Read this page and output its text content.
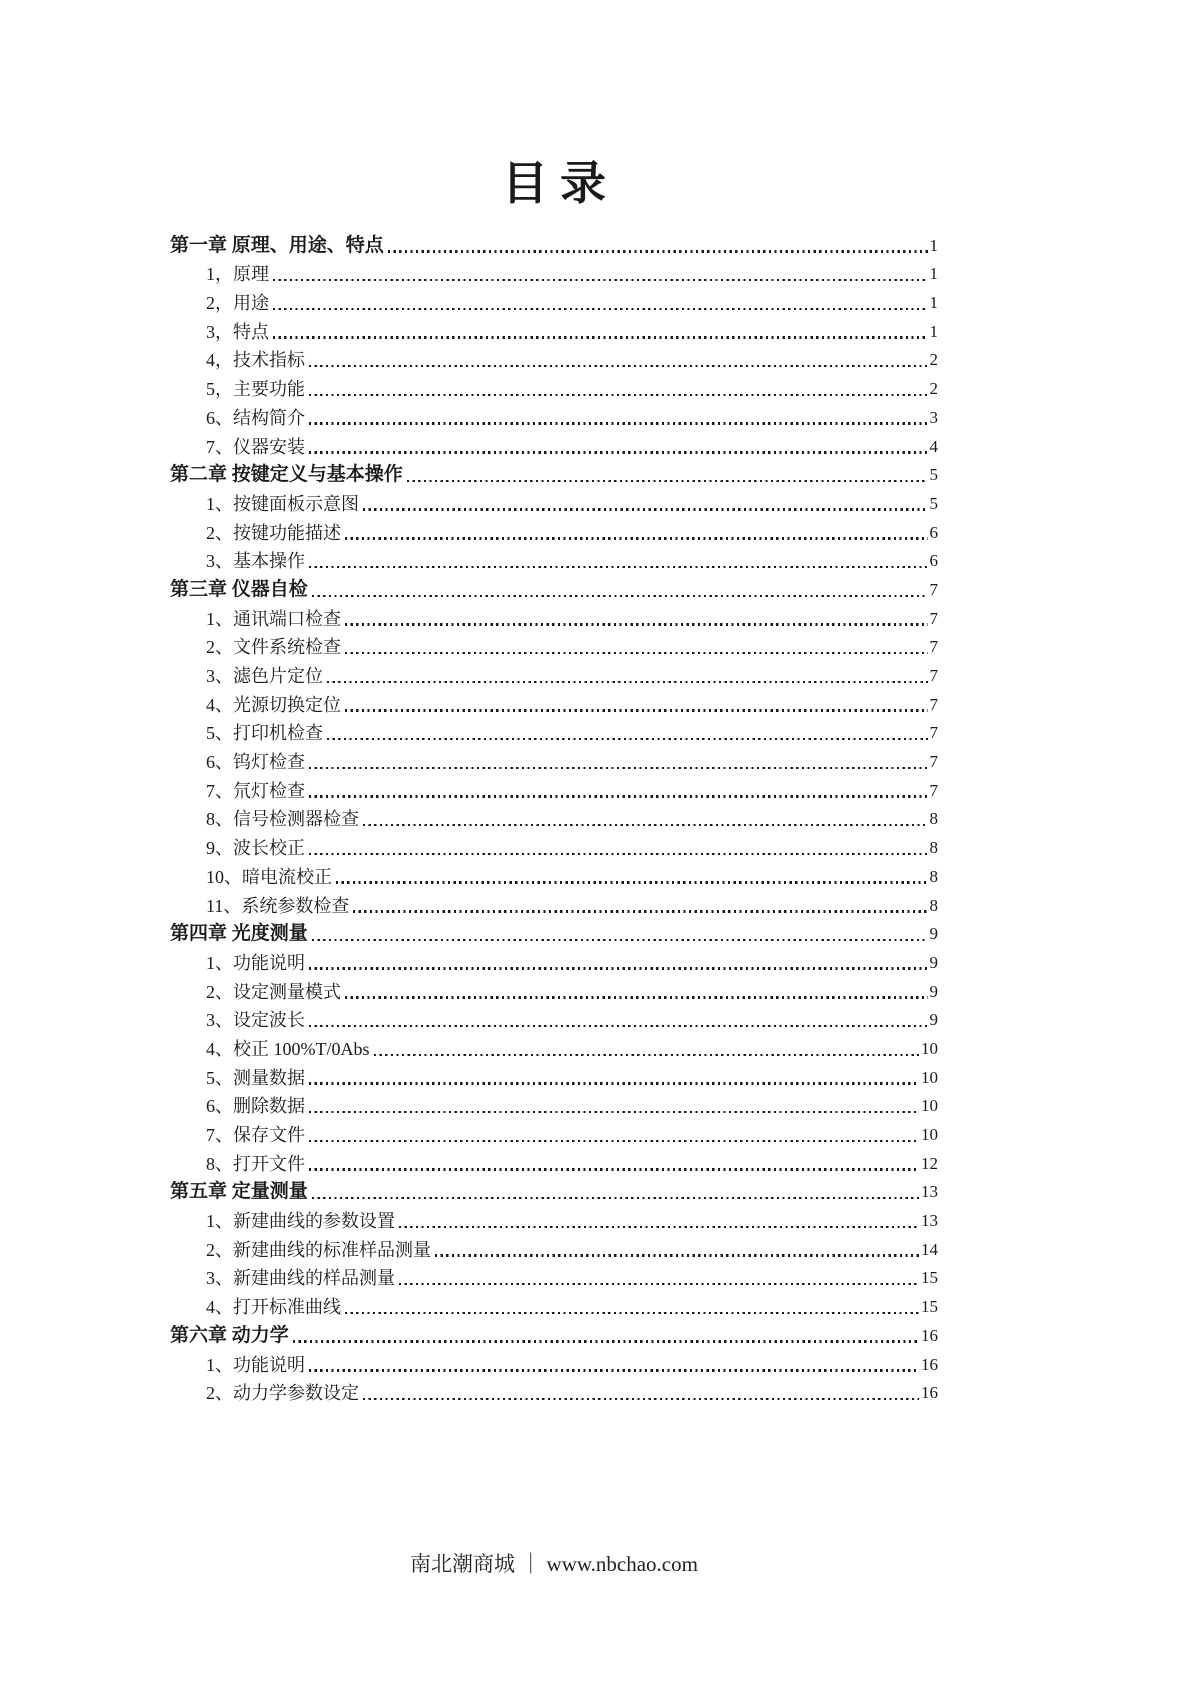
目录
第一章 原理、用途、特点	1
1，原理	1
2，用途	1
3，特点	1
4，技术指标	2
5，主要功能	2
6、结构简介	3
7、仪器安装	4
第二章 按键定义与基本操作	5
1、按键面板示意图	5
2、按键功能描述	6
3、基本操作	6
第三章 仪器自检	7
1、通讯端口检查	7
2、文件系统检查	7
3、滤色片定位	7
4、光源切换定位	7
5、打印机检查	7
6、钨灯检查	7
7、氘灯检查	7
8、信号检测器检查	8
9、波长校正	8
10、暗电流校正	8
11、系统参数检查	8
第四章 光度测量	9
1、功能说明	9
2、设定测量模式	9
3、设定波长	9
4、校正 100%T/0Abs	10
5、测量数据	10
6、删除数据	10
7、保存文件	10
8、打开文件	12
第五章 定量测量	13
1、新建曲线的参数设置	13
2、新建曲线的标准样品测量	14
3、新建曲线的样品测量	15
4、打开标准曲线	15
第六章 动力学	16
1、功能说明	16
2、动力学参数设定	16
南北潮商城 ｜ www.nbchao.com
